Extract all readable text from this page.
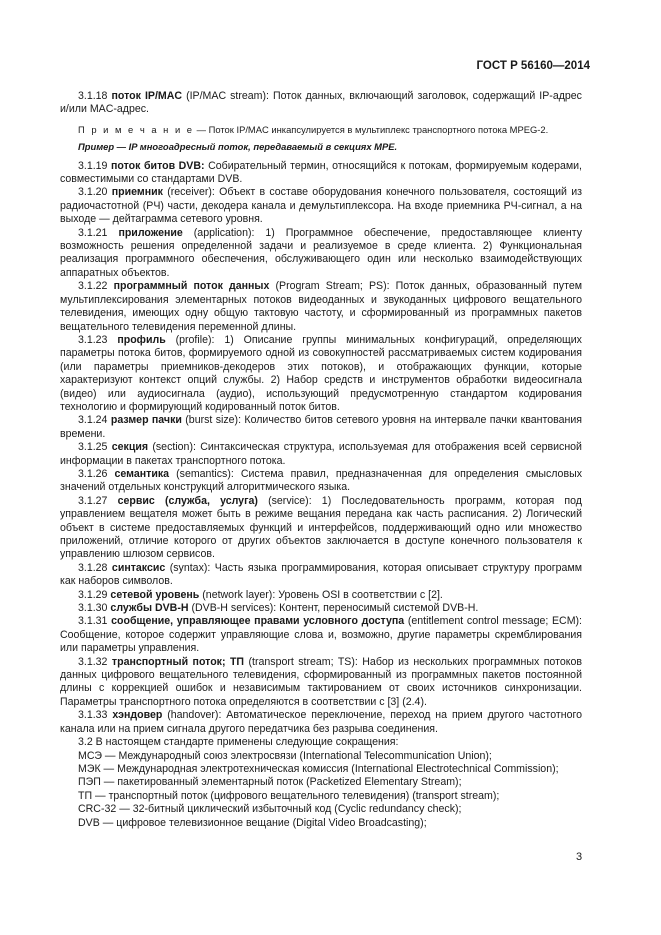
ГОСТ Р 56160—2014

3.1.18 поток IP/MAC (IP/MAC stream): Поток данных, включающий заголовок, содержащий IP-адрес и/или MAC-адрес.

П р и м е ч а н и е — Поток IP/MAC инкапсулируется в мультиплекс транспортного потока MPEG-2.

Пример — IP многоадресный поток, передаваемый в секциях MPE.

3.1.19 поток битов DVB: Собирательный термин, относящийся к потокам, формируемым кодерами, совместимыми со стандартами DVB.

3.1.20 приемник (receiver): Объект в составе оборудования конечного пользователя, состоящий из радиочастотной (РЧ) части, декодера канала и демультиплексора. На входе приемника РЧ-сигнал, а на выходе — дейтаграмма сетевого уровня.

3.1.21 приложение (application): 1) Программное обеспечение, предоставляющее клиенту возможность решения определенной задачи и реализуемое в среде клиента. 2) Функциональная реализация программного обеспечения, обслуживающего один или несколько взаимодействующих аппаратных объектов.

3.1.22 программный поток данных (Program Stream; PS): Поток данных, образованный путем мультиплексирования элементарных потоков видеоданных и звукоданных цифрового вещательного телевидения, имеющих одну общую тактовую частоту, и сформированный из программных пакетов вещательного телевидения переменной длины.

3.1.23 профиль (profile): 1) Описание группы минимальных конфигураций, определяющих параметры потока битов, формируемого одной из совокупностей рассматриваемых систем кодирования (или параметры приемников-декодеров этих потоков), и отображающих функции, которые характеризуют контекст опций службы. 2) Набор средств и инструментов обработки видеосигнала (видео) или аудиосигнала (аудио), использующий предусмотренную стандартом кодирования технологию и формирующий кодированный поток битов.

3.1.24 размер пачки (burst size): Количество битов сетевого уровня на интервале пачки квантования времени.

3.1.25 секция (section): Синтаксическая структура, используемая для отображения всей сервисной информации в пакетах транспортного потока.

3.1.26 семантика (semantics): Система правил, предназначенная для определения смысловых значений отдельных конструкций алгоритмического языка.

3.1.27 сервис (служба, услуга) (service): 1) Последовательность программ, которая под управлением вещателя может быть в режиме вещания передана как часть расписания. 2) Логический объект в системе предоставляемых функций и интерфейсов, поддерживающий одно или множество приложений, отличие которого от других объектов заключается в доступе конечного пользователя к управлению шлюзом сервисов.

3.1.28 синтаксис (syntax): Часть языка программирования, которая описывает структуру программ как наборов символов.

3.1.29 сетевой уровень (network layer): Уровень OSI в соответствии с [2].

3.1.30 службы DVB-H (DVB-H services): Контент, переносимый системой DVB-H.

3.1.31 сообщение, управляющее правами условного доступа (entitlement control message; ECM): Сообщение, которое содержит управляющие слова и, возможно, другие параметры скремблирования или параметры управления.

3.1.32 транспортный поток; ТП (transport stream; TS): Набор из нескольких программных потоков данных цифрового вещательного телевидения, сформированный из программных пакетов постоянной длины с коррекцией ошибок и независимым тактированием от своих источников синхронизации. Параметры транспортного потока определяются в соответствии с [3] (2.4).

3.1.33 хэндовер (handover): Автоматическое переключение, переход на прием другого частотного канала или на прием сигнала другого передатчика без разрыва соединения.

3.2 В настоящем стандарте применены следующие сокращения:

МСЭ — Международный союз электросвязи (International Telecommunication Union);

МЭК — Международная электротехническая комиссия (International Electrotechnical Commission);

ПЭП — пакетированный элементарный поток (Packetized Elementary Stream);

ТП — транспортный поток (цифрового вещательного телевидения) (transport stream);

CRC-32 — 32-битный циклический избыточный код (Cyclic redundancy check);

DVB — цифровое телевизионное вещание (Digital Video Broadcasting);

3
